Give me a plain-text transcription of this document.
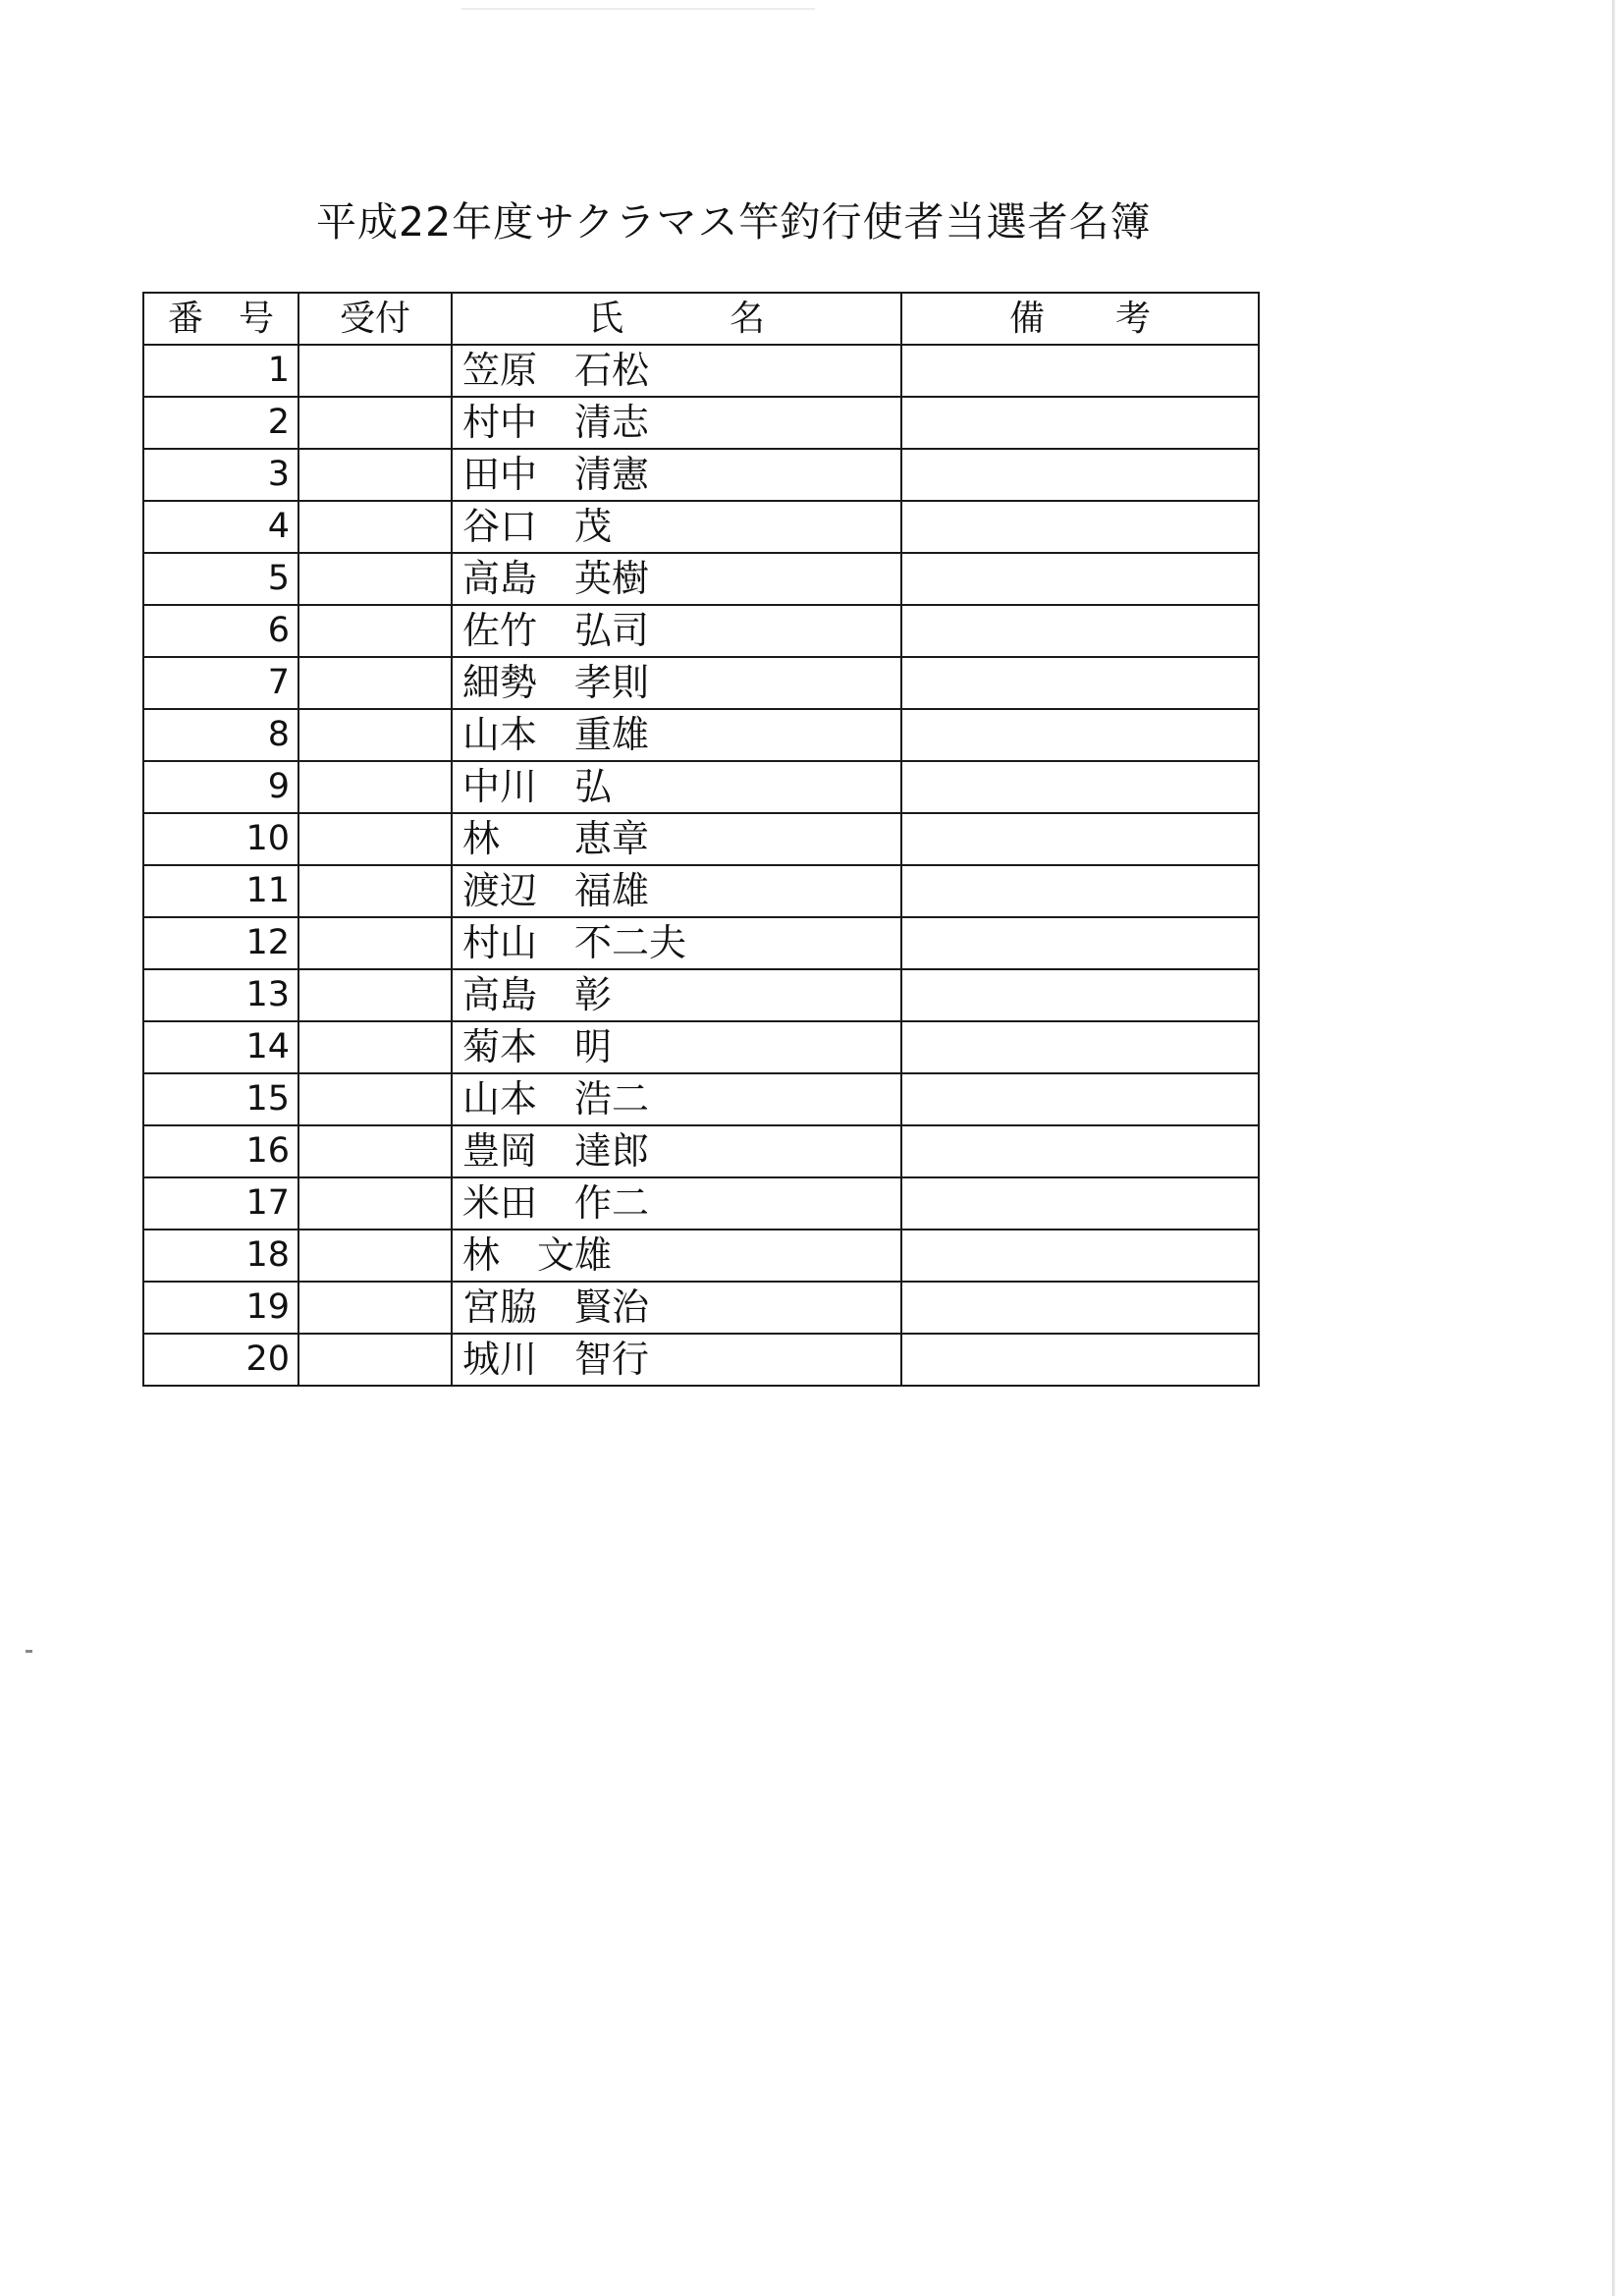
平成22年度サクラマス竿釣行使者当選者名簿
番　号	受付	氏　　　名	備　　考
1		笠原　石松	
2		村中　清志	
3		田中　清憲	
4		谷口　茂	
5		高島　英樹	
6		佐竹　弘司	
7		細勢　孝則	
8		山本　重雄	
9		中川　弘	
10		林　　恵章	
11		渡辺　福雄	
12		村山　不二夫	
13		高島　彰	
14		菊本　明	
15		山本　浩二	
16		豊岡　達郎	
17		米田　作二	
18		林　文雄	
19		宮脇　賢治	
20		城川　智行	
